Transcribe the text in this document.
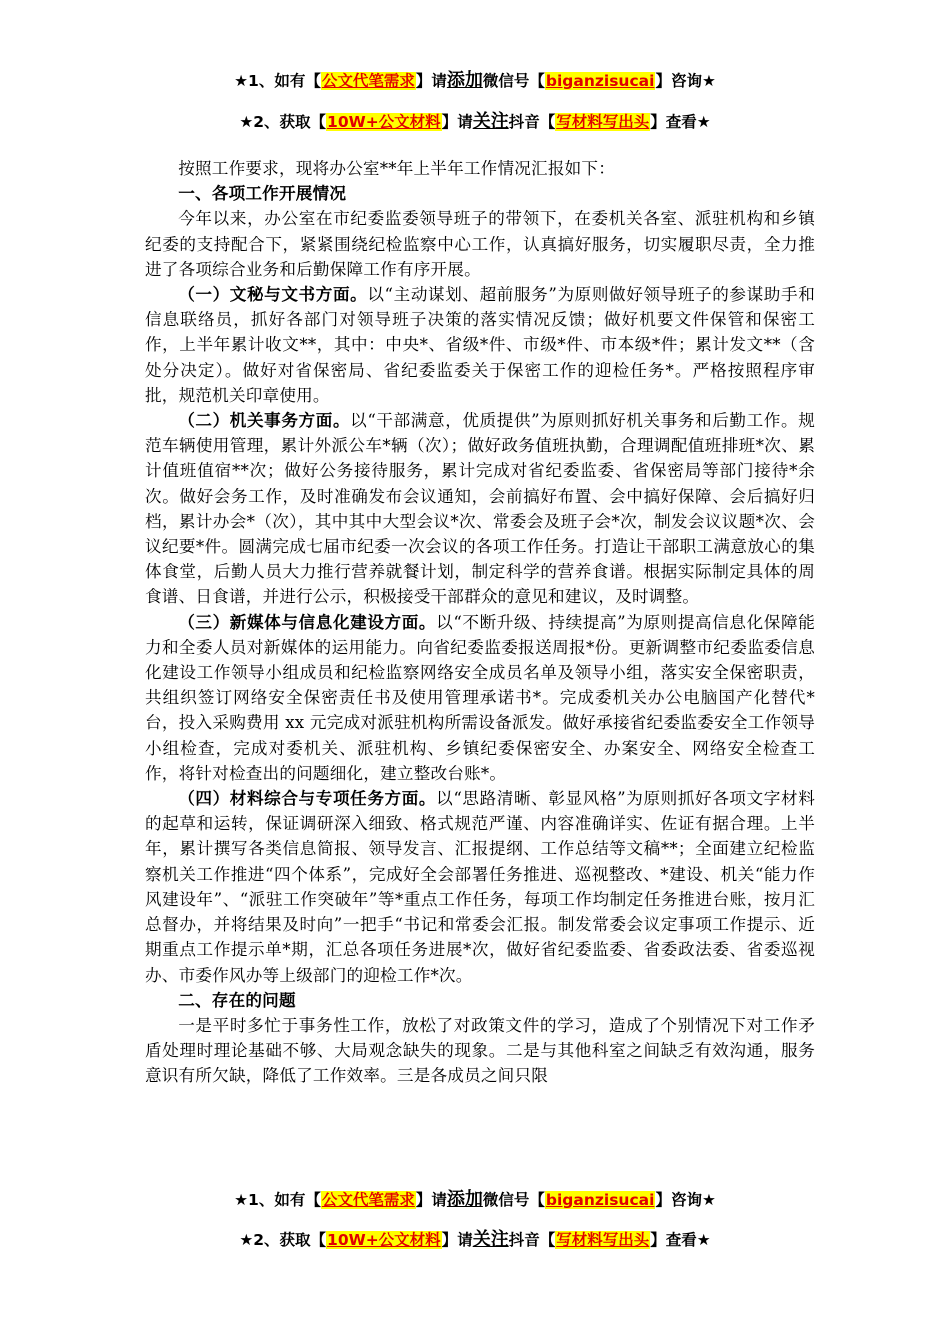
★1、如有【公文代笔需求】请添加微信号【biganzisucai】咨询★
★2、获取【10W+公文材料】请关注抖音【写材料写出头】查看★

按照工作要求，现将办公室**年上半年工作情况汇报如下：

一、各项工作开展情况

今年以来，办公室在市纪委监委领导班子的带领下，在委机关各室、派驻机构和乡镇纪委的支持配合下，紧紧围绕纪检监察中心工作，认真搞好服务，切实履职尽责，全力推进了各项综合业务和后勤保障工作有序开展。

（一）文秘与文书方面。以“主动谋划、超前服务”为原则做好领导班子的参谋助手和信息联络员，抓好各部门对领导班子决策的落实情况反馈；做好机要文件保管和保密工作，上半年累计收文**，其中：中央*、省级*件、市级*件、市本级*件；累计发文**（含处分决定）。做好对省保密局、省纪委监委关于保密工作的迎检任务*。严格按照程序审批，规范机关印章使用。

（二）机关事务方面。以“干部满意，优质提供”为原则抓好机关事务和后勤工作。规范车辆使用管理，累计外派公车*辆（次）；做好政务值班执勤，合理调配值班排班*次、累计值班值宿**次；做好公务接待服务，累计完成对省纪委监委、省保密局等部门接待*余次。做好会务工作，及时准确发布会议通知，会前搞好布置、会中搞好保障、会后搞好归档，累计办会*（次），其中其中大型会议*次、常委会及班子会*次，制发会议议题*次、会议纪要*件。圆满完成七届市纪委一次会议的各项工作任务。打造让干部职工满意放心的集体食堂，后勤人员大力推行营养就餐计划，制定科学的营养食谱。根据实际制定具体的周食谱、日食谱，并进行公示，积极接受干部群众的意见和建议，及时调整。

（三）新媒体与信息化建设方面。以“不断升级、持续提高”为原则提高信息化保障能力和全委人员对新媒体的运用能力。向省纪委监委报送周报*份。更新调整市纪委监委信息化建设工作领导小组成员和纪检监察网络安全成员名单及领导小组，落实安全保密职责，共组织签订网络安全保密责任书及使用管理承诺书*。完成委机关办公电脑国产化替代*台，投入采购费用 xx 元完成对派驻机构所需设备派发。做好承接省纪委监委安全工作领导小组检查，完成对委机关、派驻机构、乡镇纪委保密安全、办案安全、网络安全检查工作，将针对检查出的问题细化，建立整改台账*。

（四）材料综合与专项任务方面。以“思路清晰、彰显风格”为原则抓好各项文字材料的起草和运转，保证调研深入细致、格式规范严谨、内容准确详实、佐证有据合理。上半年，累计撰写各类信息简报、领导发言、汇报提纲、工作总结等文稿**；全面建立纪检监察机关工作推进“四个体系”，完成好全会部署任务推进、巡视整改、*建设、机关“能力作风建设年”、“派驻工作突破年”等*重点工作任务，每项工作均制定任务推进台账，按月汇总督办，并将结果及时向”一把手“书记和常委会汇报。制发常委会议定事项工作提示、近期重点工作提示单*期，汇总各项任务进展*次，做好省纪委监委、省委政法委、省委巡视办、市委作风办等上级部门的迎检工作*次。

二、存在的问题

一是平时多忙于事务性工作，放松了对政策文件的学习，造成了个别情况下对工作矛盾处理时理论基础不够、大局观念缺失的现象。二是与其他科室之间缺乏有效沟通，服务意识有所欠缺，降低了工作效率。三是各成员之间只限

★1、如有【公文代笔需求】请添加微信号【biganzisucai】咨询★
★2、获取【10W+公文材料】请关注抖音【写材料写出头】查看★
